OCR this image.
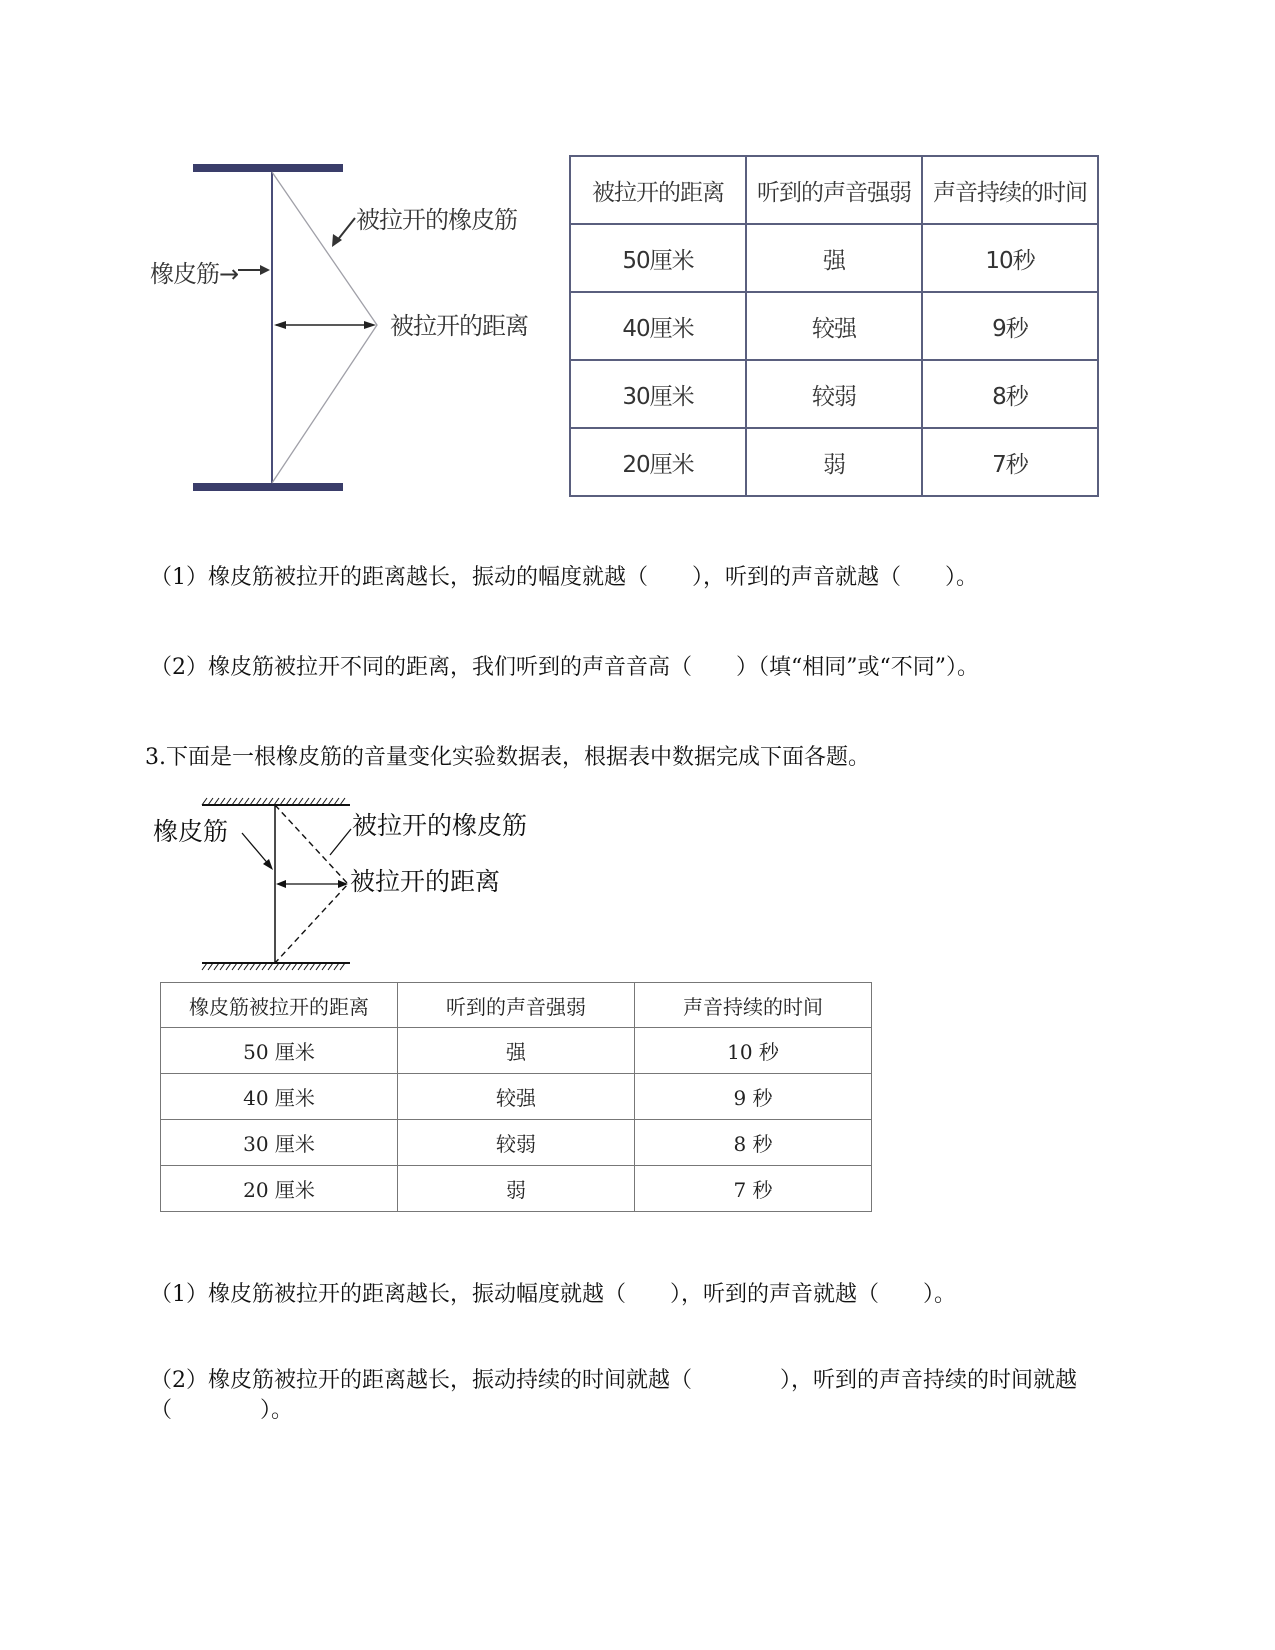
橡皮筋→
被拉开的橡皮筋
被拉开的距离
被拉开的距离	听到的声音强弱	声音持续的时间
50厘米	强	10秒
40厘米	较强	9秒
30厘米	较弱	8秒
20厘米	弱	7秒
（1）橡皮筋被拉开的距离越长，振动的幅度就越（　　），听到的声音就越（　　）。
（2）橡皮筋被拉开不同的距离，我们听到的声音音高（　　）（填“相同”或“不同”）。
3.下面是一根橡皮筋的音量变化实验数据表，根据表中数据完成下面各题。
橡皮筋	被拉开的橡皮筋
被拉开的距离
橡皮筋被拉开的距离	听到的声音强弱	声音持续的时间
50 厘米	强	10 秒
40 厘米	较强	9 秒
30 厘米	较弱	8 秒
20 厘米	弱	7 秒
（1）橡皮筋被拉开的距离越长，振动幅度就越（　　），听到的声音就越（　　）。
（2）橡皮筋被拉开的距离越长，振动持续的时间就越（　　　　），听到的声音持续的时间就越（　　　　）。
